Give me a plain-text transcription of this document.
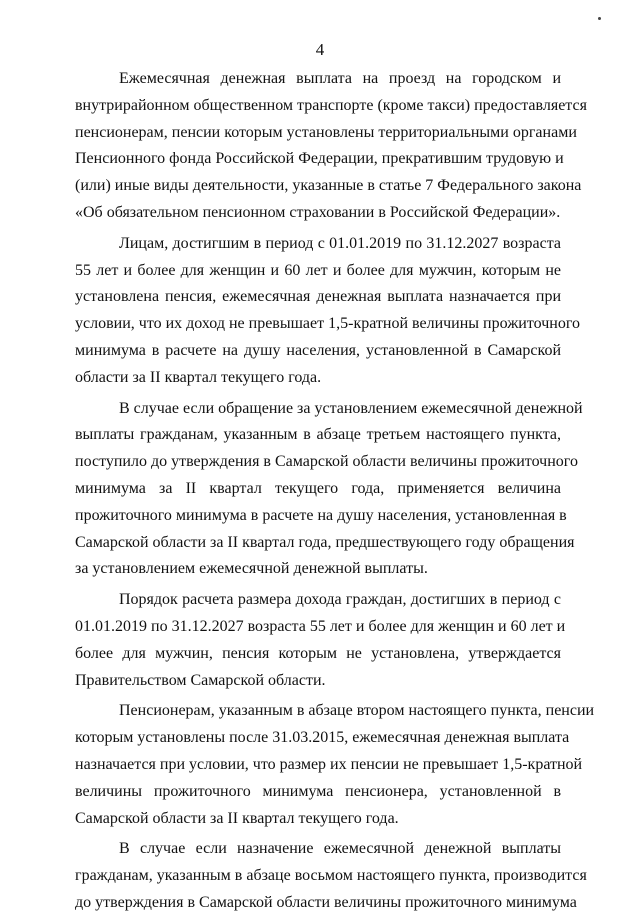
4
Ежемесячная денежная выплата на проезд на городском и
внутрирайонном общественном транспорте (кроме такси) предоставляется
пенсионерам, пенсии которым установлены территориальными органами
Пенсионного фонда Российской Федерации, прекратившим трудовую и
(или) иные виды деятельности, указанные в статье 7 Федерального закона
«Об обязательном пенсионном страховании в Российской Федерации».
Лицам, достигшим в период с 01.01.2019 по 31.12.2027 возраста
55 лет и более для женщин и 60 лет и более для мужчин, которым не
установлена пенсия, ежемесячная денежная выплата назначается при
условии, что их доход не превышает 1,5-кратной величины прожиточного
минимума в расчете на душу населения, установленной в Самарской
области за II квартал текущего года.
В случае если обращение за установлением ежемесячной денежной
выплаты гражданам, указанным в абзаце третьем настоящего пункта,
поступило до утверждения в Самарской области величины прожиточного
минимума за II квартал текущего года, применяется величина
прожиточного минимума в расчете на душу населения, установленная в
Самарской области за II квартал года, предшествующего году обращения
за установлением ежемесячной денежной выплаты.
Порядок расчета размера дохода граждан, достигших в период с
01.01.2019 по 31.12.2027 возраста 55 лет и более для женщин и 60 лет и
более для мужчин, пенсия которым не установлена, утверждается
Правительством Самарской области.
Пенсионерам, указанным в абзаце втором настоящего пункта, пенсии
которым установлены после 31.03.2015, ежемесячная денежная выплата
назначается при условии, что размер их пенсии не превышает 1,5-кратной
величины прожиточного минимума пенсионера, установленной в
Самарской области за II квартал текущего года.
В случае если назначение ежемесячной денежной выплаты
гражданам, указанным в абзаце восьмом настоящего пункта, производится
до утверждения в Самарской области величины прожиточного минимума
